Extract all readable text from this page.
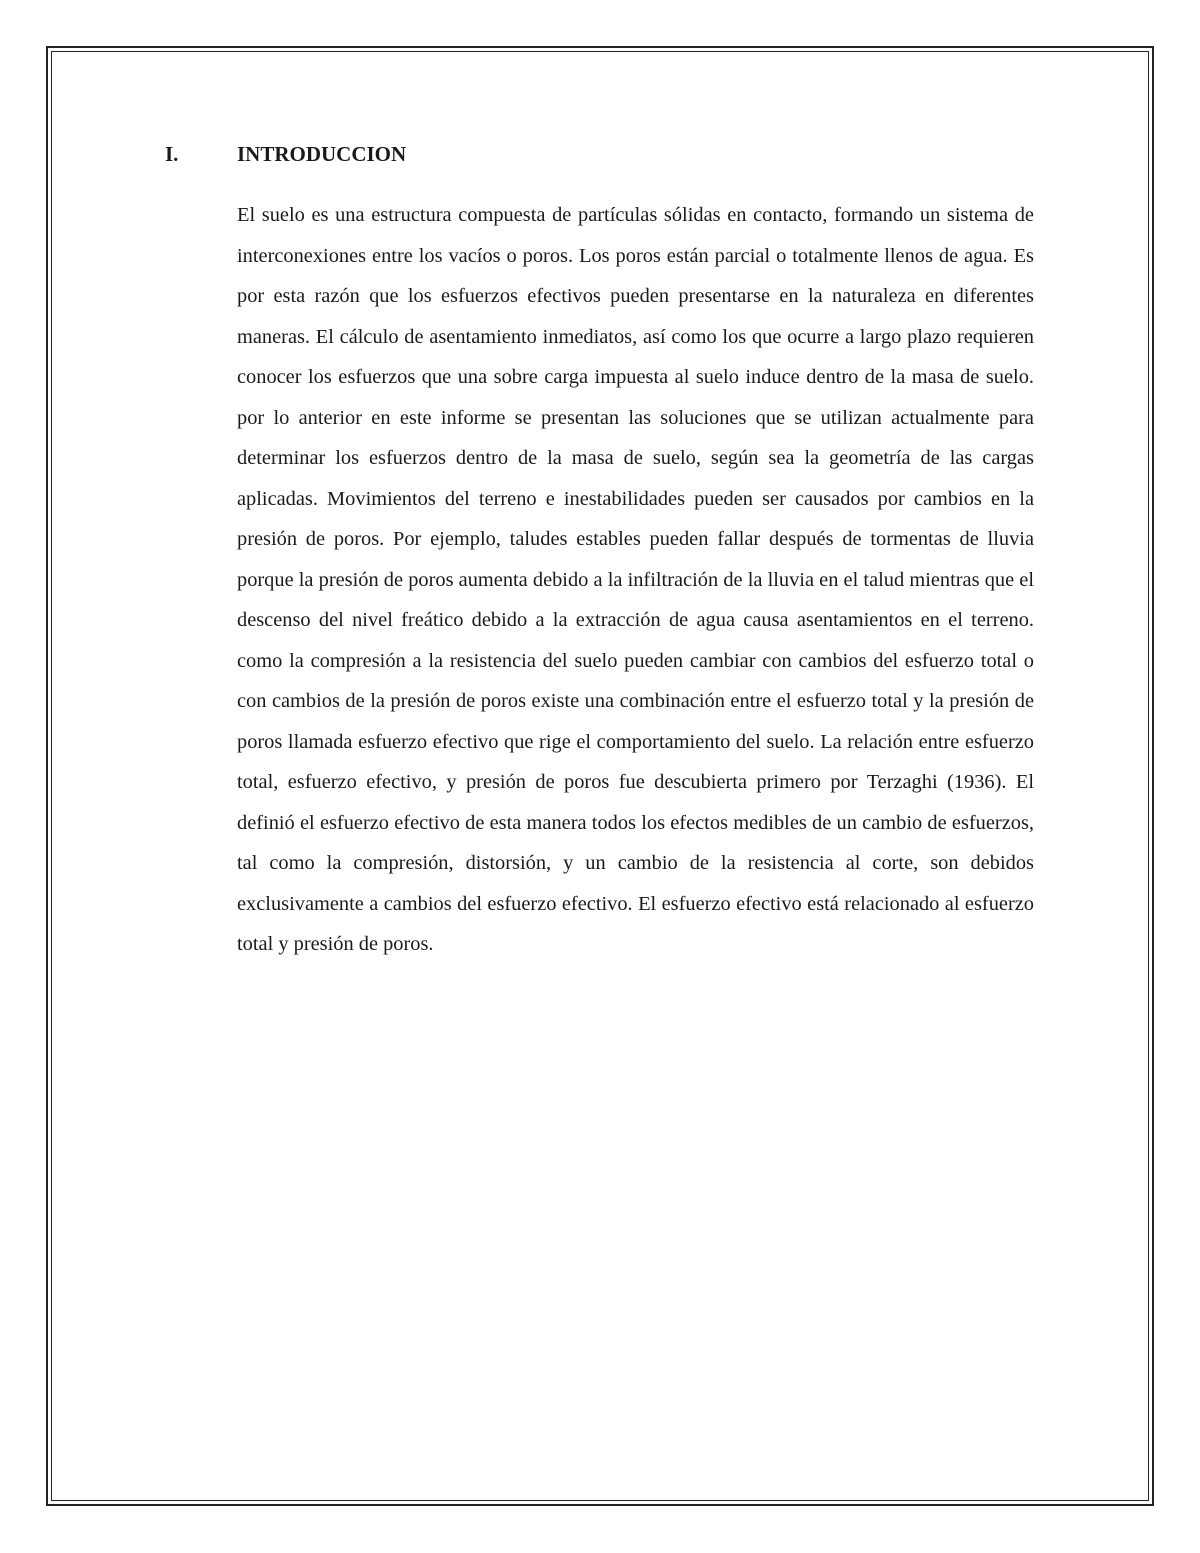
I.	INTRODUCCION

El suelo es una estructura compuesta de partículas sólidas en contacto, formando un sistema de interconexiones entre los vacíos o poros. Los poros están parcial o totalmente llenos de agua. Es por esta razón que los esfuerzos efectivos pueden presentarse en la naturaleza en diferentes maneras. El cálculo de asentamiento inmediatos, así como los que ocurre a largo plazo requieren conocer los esfuerzos que una sobre carga impuesta al suelo induce dentro de la masa de suelo. por lo anterior en este informe se presentan las soluciones que se utilizan actualmente para determinar los esfuerzos dentro de la masa de suelo, según sea la geometría de las cargas aplicadas. Movimientos del terreno e inestabilidades pueden ser causados por cambios en la presión de poros. Por ejemplo, taludes estables pueden fallar después de tormentas de lluvia porque la presión de poros aumenta debido a la infiltración de la lluvia en el talud mientras que el descenso del nivel freático debido a la extracción de agua causa asentamientos en el terreno. como la compresión a la resistencia del suelo pueden cambiar con cambios del esfuerzo total o con cambios de la presión de poros existe una combinación entre el esfuerzo total y la presión de poros llamada esfuerzo efectivo que rige el comportamiento del suelo. La relación entre esfuerzo total, esfuerzo efectivo, y presión de poros fue descubierta primero por Terzaghi (1936). El definió el esfuerzo efectivo de esta manera todos los efectos medibles de un cambio de esfuerzos, tal como la compresión, distorsión, y un cambio de la resistencia al corte, son debidos exclusivamente a cambios del esfuerzo efectivo. El esfuerzo efectivo está relacionado al esfuerzo total y presión de poros.
